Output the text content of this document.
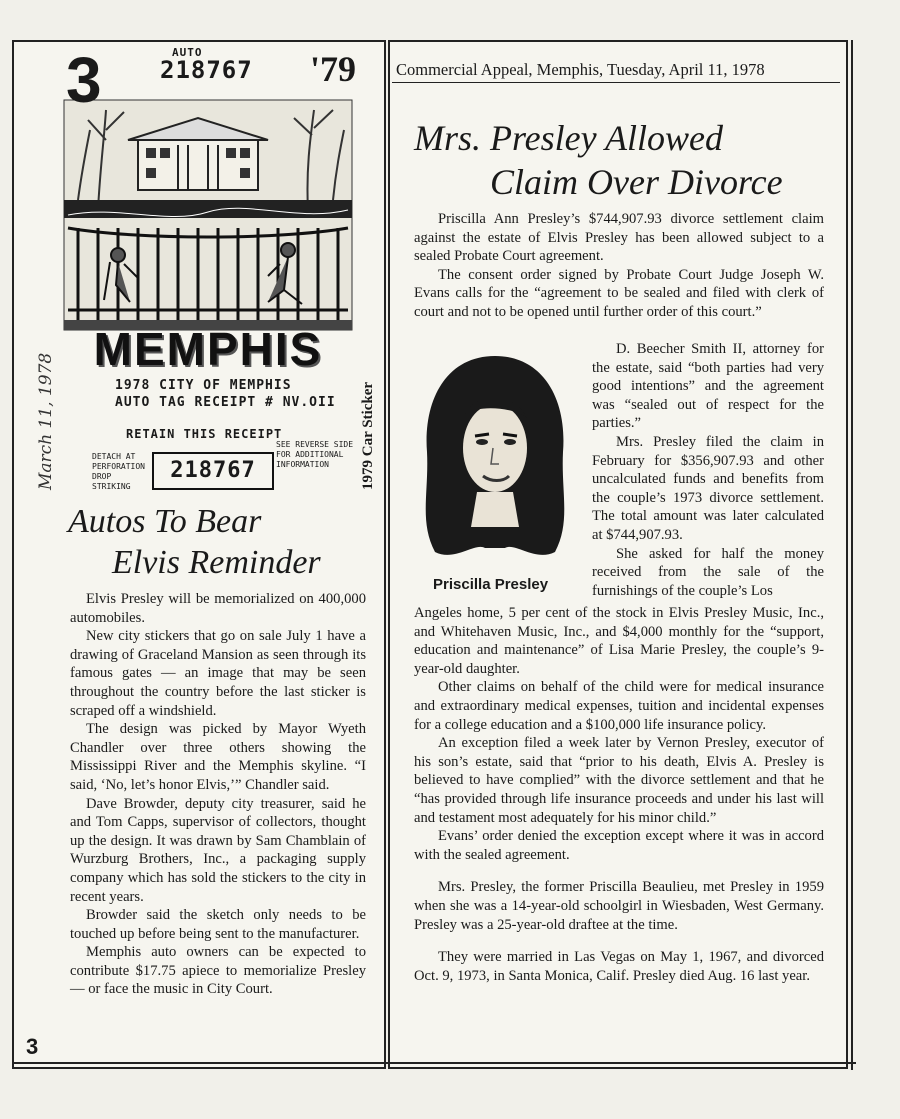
3	AUTO
218767 '79
MEMPHIS
1978 CITY OF MEMPHIS
AUTO TAG RECEIPT # NV.OII
RETAIN THIS RECEIPT
DETACH AT PERFORATION DROP STRIKING
218767
SEE REVERSE SIDE FOR ADDITIONAL INFORMATION
March 11, 1978	1979 Car Sticker
Autos To Bear
Elvis Reminder

Elvis Presley will be memorialized on 400,000 automobiles.

New city stickers that go on sale July 1 have a drawing of Graceland Mansion as seen through its famous gates — an image that may be seen throughout the country before the last sticker is scraped off a windshield.

The design was picked by Mayor Wyeth Chandler over three others showing the Mississippi River and the Memphis skyline. “I said, ‘No, let’s honor Elvis,’” Chandler said.

Dave Browder, deputy city treasurer, said he and Tom Capps, supervisor of collectors, thought up the design. It was drawn by Sam Chamblain of Wurzburg Brothers, Inc., a packaging supply company which has sold the stickers to the city in recent years.

Browder said the sketch only needs to be touched up before being sent to the manufacturer.

Memphis auto owners can be expected to contribute $17.75 apiece to memorialize Presley — or face the music in City Court.

3
Commercial Appeal, Memphis, Tuesday, April 11, 1978
Mrs. Presley Allowed
Claim Over Divorce

Priscilla Ann Presley’s $744,907.93 divorce settlement claim against the estate of Elvis Presley has been allowed subject to a sealed Probate Court agreement.

The consent order signed by Probate Court Judge Joseph W. Evans calls for the “agreement to be sealed and filed with clerk of court and not to be opened until further order of this court.”

Priscilla Presley

D. Beecher Smith II, attorney for the estate, said “both parties had very good intentions” and the agreement was “sealed out of respect for the parties.”

Mrs. Presley filed the claim in February for $356,907.93 and other uncalculated funds and benefits from the couple’s 1973 divorce settlement. The total amount was later calculated at $744,907.93.

She asked for half the money received from the sale of the furnishings of the couple’s Los

Angeles home, 5 per cent of the stock in Elvis Presley Music, Inc., and Whitehaven Music, Inc., and $4,000 monthly for the “support, education and maintenance” of Lisa Marie Presley, the couple’s 9-year-old daughter.

Other claims on behalf of the child were for medical insurance and extraordinary medical expenses, tuition and incidental expenses for a college education and a $100,000 life insurance policy.

An exception filed a week later by Vernon Presley, executor of his son’s estate, said that “prior to his death, Elvis A. Presley is believed to have complied” with the divorce settlement and that he “has provided through life insurance proceeds and under his last will and testament most adequately for his minor child.”

Evans’ order denied the exception except where it was in accord with the sealed agreement.

Mrs. Presley, the former Priscilla Beaulieu, met Presley in 1959 when she was a 14-year-old schoolgirl in Wiesbaden, West Germany. Presley was a 25-year-old draftee at the time.

They were married in Las Vegas on May 1, 1967, and divorced Oct. 9, 1973, in Santa Monica, Calif. Presley died Aug. 16 last year.
